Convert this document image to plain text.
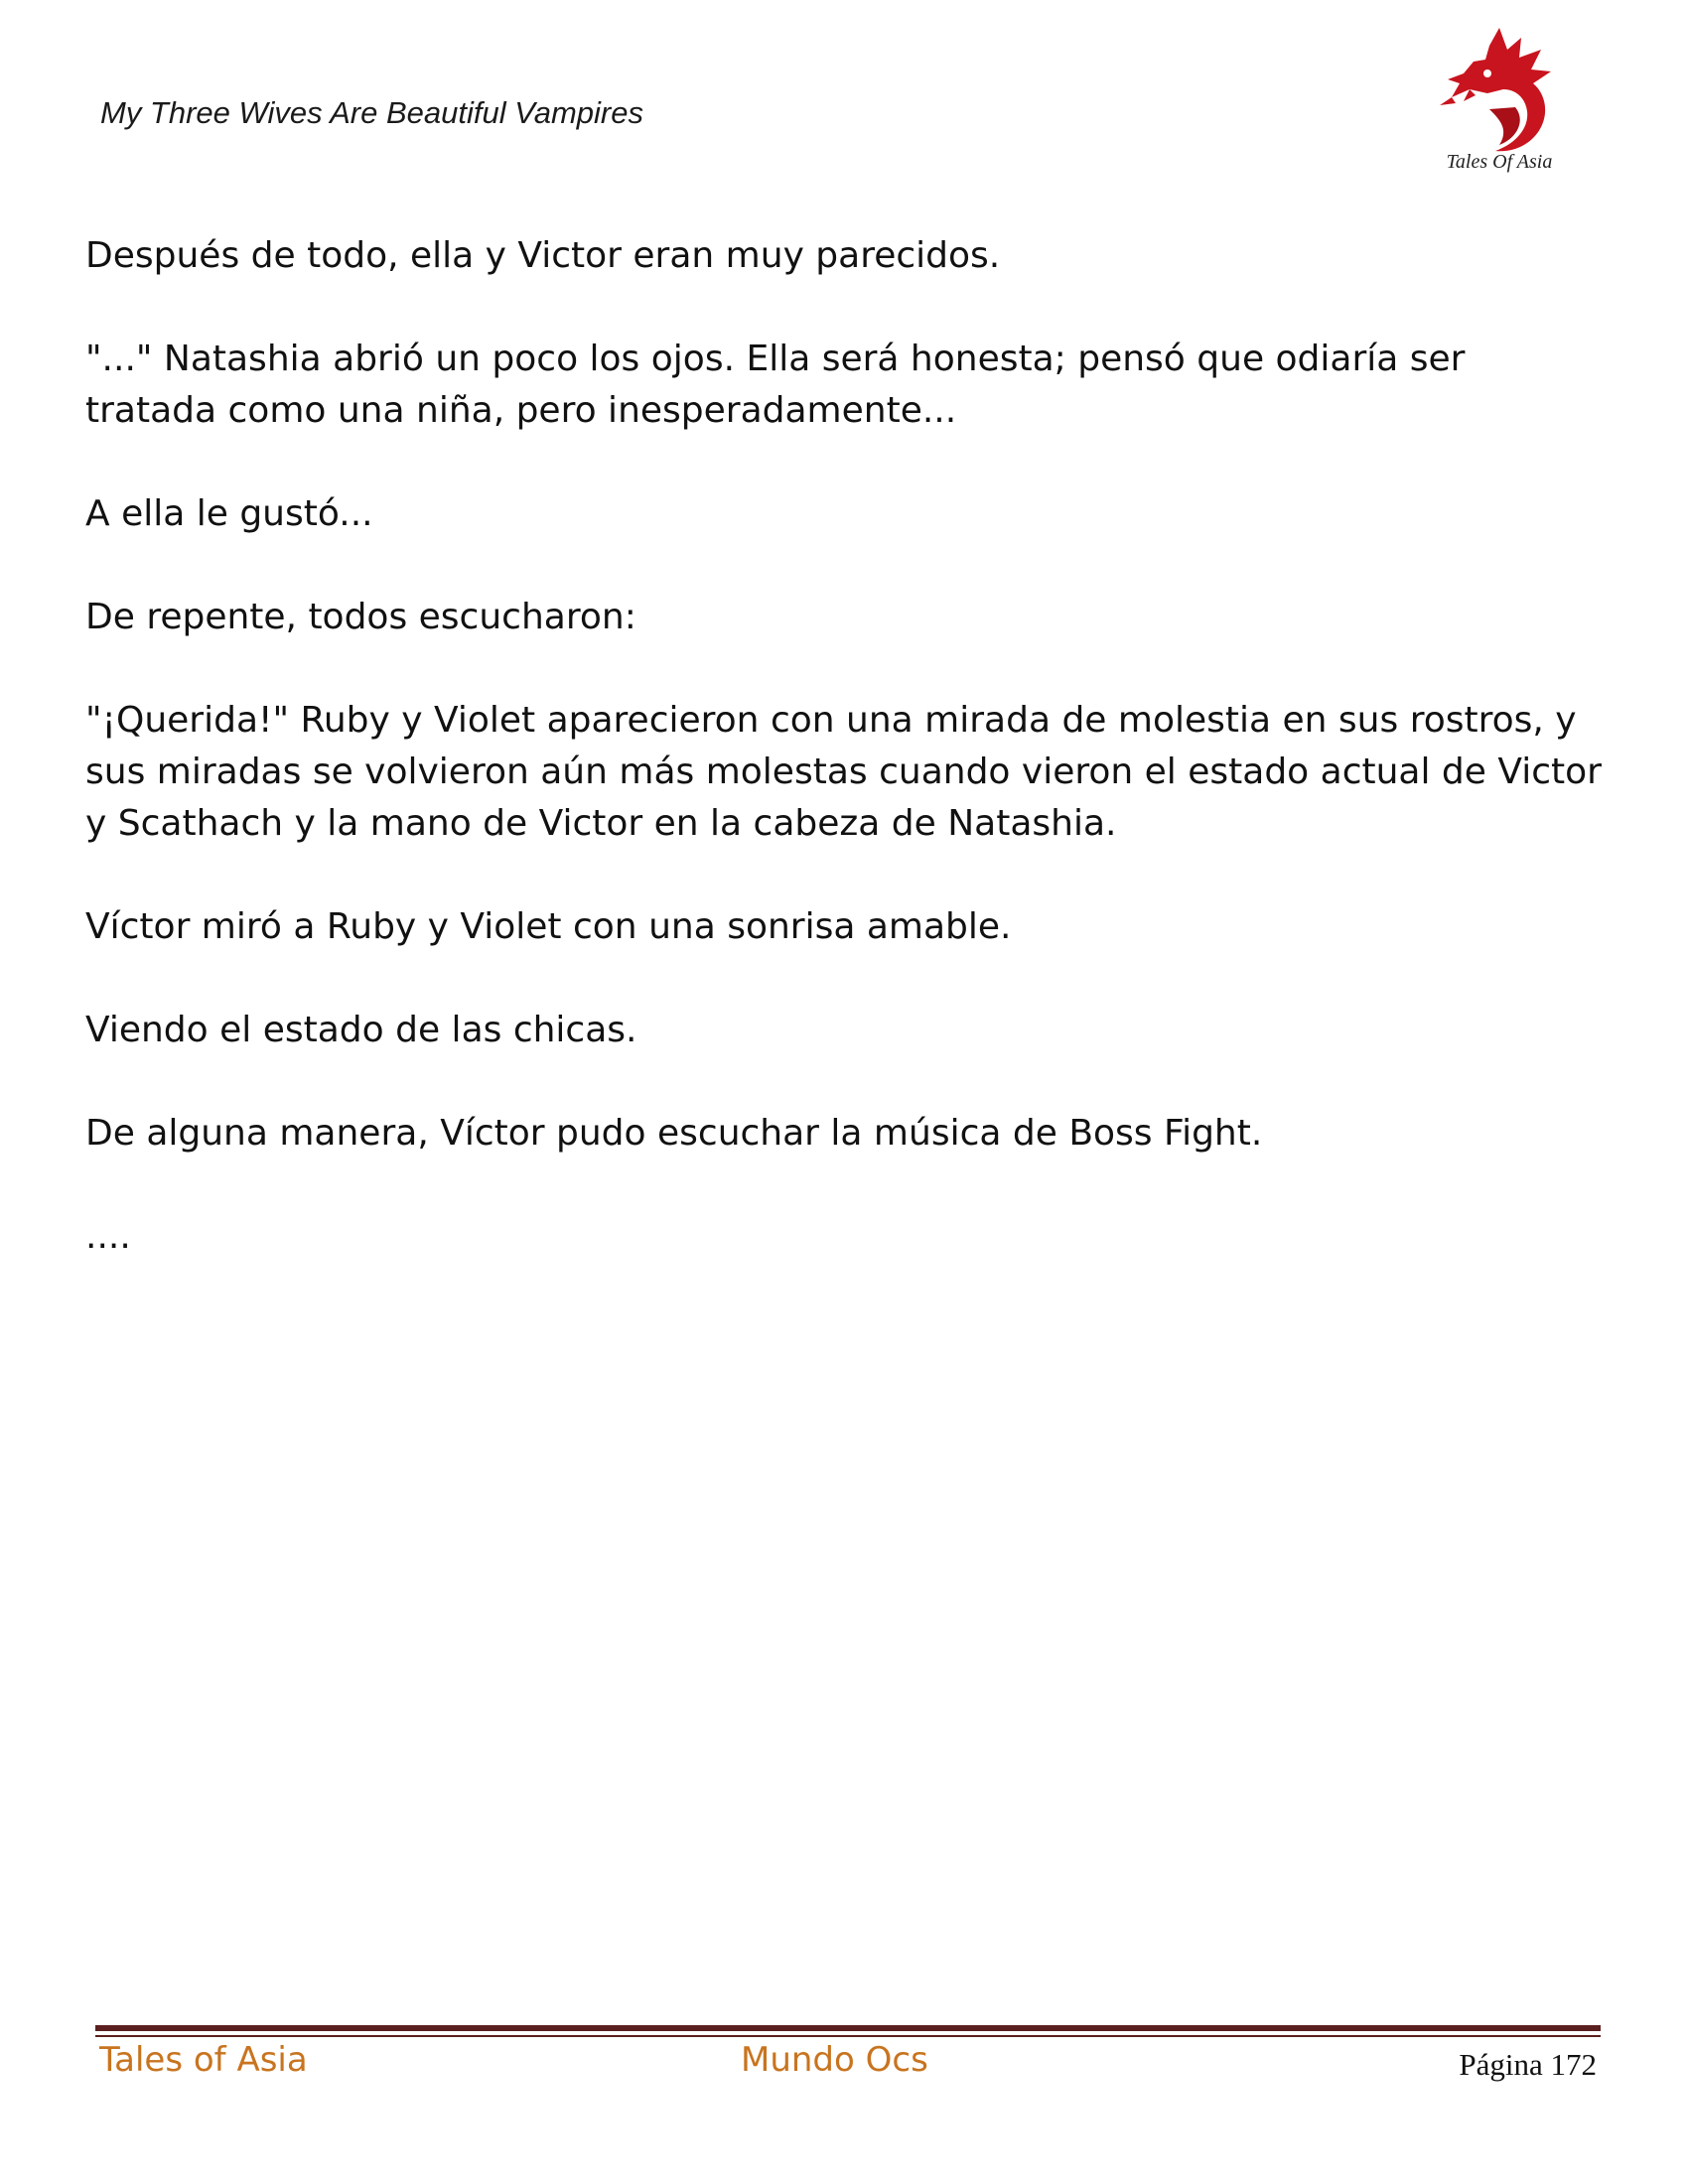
My Three Wives Are Beautiful Vampires
Tales Of Asia

Después de todo, ella y Victor eran muy parecidos.

"..." Natashia abrió un poco los ojos. Ella será honesta; pensó que odiaría ser tratada como una niña, pero inesperadamente...

A ella le gustó...

De repente, todos escucharon:

"¡Querida!" Ruby y Violet aparecieron con una mirada de molestia en sus rostros, y sus miradas se volvieron aún más molestas cuando vieron el estado actual de Victor y Scathach y la mano de Victor en la cabeza de Natashia.

Víctor miró a Ruby y Violet con una sonrisa amable.

Viendo el estado de las chicas.

De alguna manera, Víctor pudo escuchar la música de Boss Fight.

....

Tales of Asia	Mundo Ocs	Página 172
